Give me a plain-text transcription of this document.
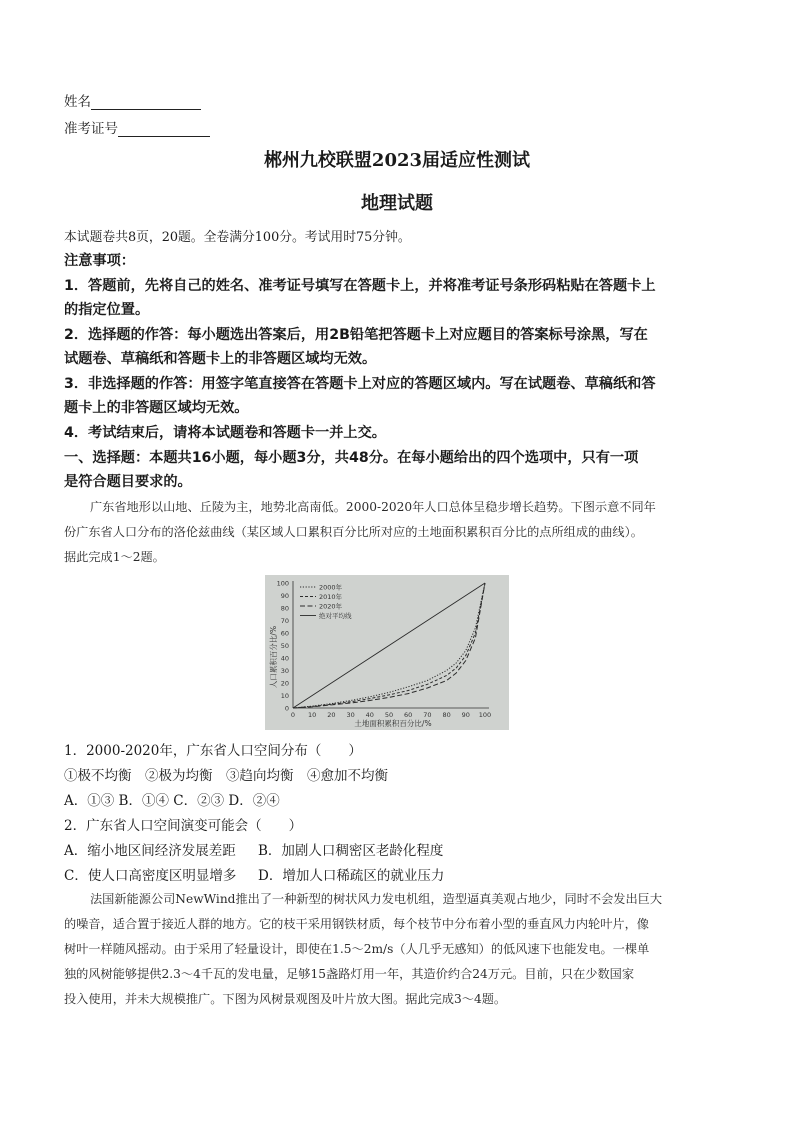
姓名
准考证号
郴州九校联盟2023届适应性测试
地理试题
本试题卷共8页，20题。全卷满分100分。考试用时75分钟。
注意事项：
1．答题前，先将自己的姓名、准考证号填写在答题卡上，并将准考证号条形码粘贴在答题卡上
的指定位置。
2．选择题的作答：每小题选出答案后，用2B铅笔把答题卡上对应题目的答案标号涂黑，写在
试题卷、草稿纸和答题卡上的非答题区域均无效。
3．非选择题的作答：用签字笔直接答在答题卡上对应的答题区域内。写在试题卷、草稿纸和答
题卡上的非答题区域均无效。
4．考试结束后，请将本试题卷和答题卡一并上交。
一、选择题：本题共16小题，每小题3分，共48分。在每小题给出的四个选项中，只有一项
是符合题目要求的。
广东省地形以山地、丘陵为主，地势北高南低。2000-2020年人口总体呈稳步增长趋势。下图示意不同年
份广东省人口分布的洛伦兹曲线（某区域人口累积百分比所对应的土地面积累积百分比的点所组成的曲线）。
据此完成1～2题。
0 10 20 30 40 50 60 70 80 90 100
0
10
20
30
40
50
60
70
80
90
100	2000年
2010年
2020年
绝对平均线
人口累积百分比/%
土地面积累积百分比/%
1．2000-2020年，广东省人口空间分布（　　）
①极不均衡　②极为均衡　③趋向均衡　④愈加不均衡
A．①③ B．①④ C．②③ D．②④
2．广东省人口空间演变可能会（　　）
A．缩小地区间经济发展差距 B．加剧人口稠密区老龄化程度
C．使人口高密度区明显增多 D．增加人口稀疏区的就业压力
法国新能源公司NewWind推出了一种新型的树状风力发电机组，造型逼真美观占地少，同时不会发出巨大
的噪音，适合置于接近人群的地方。它的枝干采用钢铁材质，每个枝节中分布着小型的垂直风力内轮叶片，像
树叶一样随风摇动。由于采用了轻量设计，即使在1.5～2m/s（人几乎无感知）的低风速下也能发电。一棵单
独的风树能够提供2.3～4千瓦的发电量，足够15盏路灯用一年，其造价约合24万元。目前，只在少数国家
投入使用，并未大规模推广。下图为风树景观图及叶片放大图。据此完成3～4题。
